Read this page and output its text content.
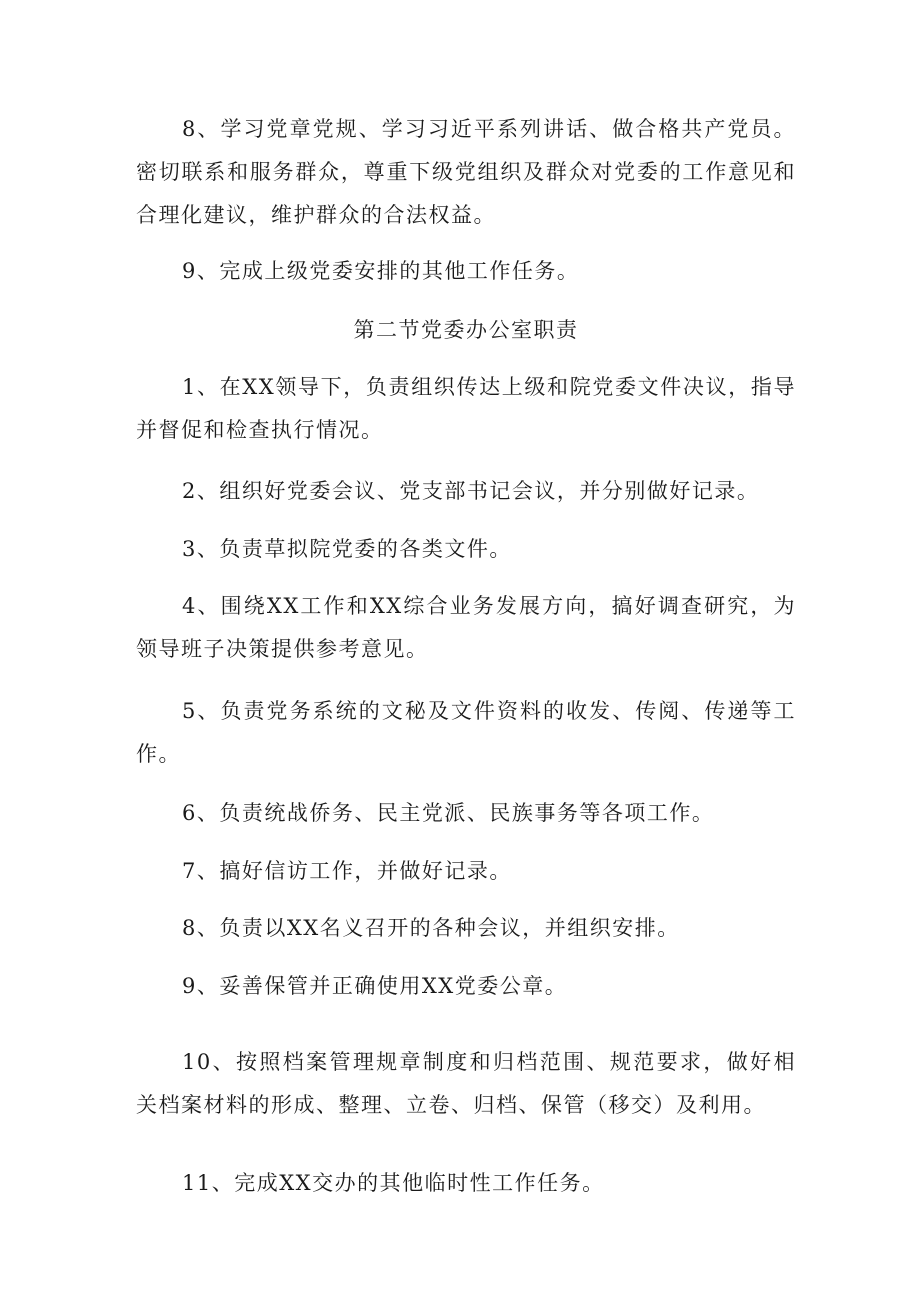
8、学习党章党规、学习习近平系列讲话、做合格共产党员。密切联系和服务群众，尊重下级党组织及群众对党委的工作意见和合理化建议，维护群众的合法权益。

9、完成上级党委安排的其他工作任务。

第二节党委办公室职责

1、在XX领导下，负责组织传达上级和院党委文件决议，指导并督促和检查执行情况。

2、组织好党委会议、党支部书记会议，并分别做好记录。

3、负责草拟院党委的各类文件。

4、围绕XX工作和XX综合业务发展方向，搞好调查研究，为领导班子决策提供参考意见。

5、负责党务系统的文秘及文件资料的收发、传阅、传递等工作。

6、负责统战侨务、民主党派、民族事务等各项工作。

7、搞好信访工作，并做好记录。

8、负责以XX名义召开的各种会议，并组织安排。

9、妥善保管并正确使用XX党委公章。

10、按照档案管理规章制度和归档范围、规范要求，做好相关档案材料的形成、整理、立卷、归档、保管（移交）及利用。

11、完成XX交办的其他临时性工作任务。
